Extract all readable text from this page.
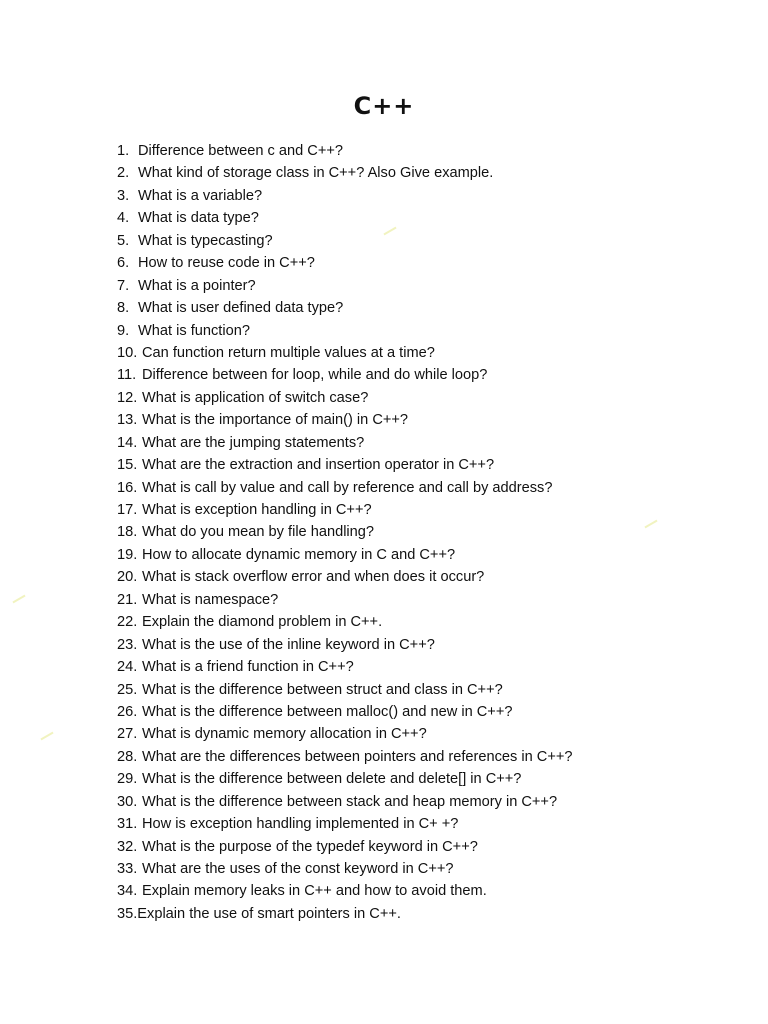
C++
1. Difference between c and C++?
2. What kind of storage class in C++? Also Give example.
3. What is a variable?
4. What is data type?
5. What is typecasting?
6. How to reuse code in C++?
7. What is a pointer?
8. What is user defined data type?
9. What is function?
10. Can function return multiple values at a time?
11. Difference between for loop, while and do while loop?
12. What is application of switch case?
13. What is the importance of main() in C++?
14. What are the jumping statements?
15. What are the extraction and insertion operator in C++?
16. What is call by value and call by reference and call by address?
17. What is exception handling in C++?
18. What do you mean by file handling?
19. How to allocate dynamic memory in C and C++?
20. What is stack overflow error and when does it occur?
21. What is namespace?
22. Explain the diamond problem in C++.
23. What is the use of the inline keyword in C++?
24. What is a friend function in C++?
25. What is the difference between struct and class in C++?
26. What is the difference between malloc() and new in C++?
27. What is dynamic memory allocation in C++?
28. What are the differences between pointers and references in C++?
29. What is the difference between delete and delete[] in C++?
30. What is the difference between stack and heap memory in C++?
31. How is exception handling implemented in C+ +?
32. What is the purpose of the typedef keyword in C++?
33. What are the uses of the const keyword in C++?
34. Explain memory leaks in C++ and how to avoid them.
35.Explain the use of smart pointers in C++.
